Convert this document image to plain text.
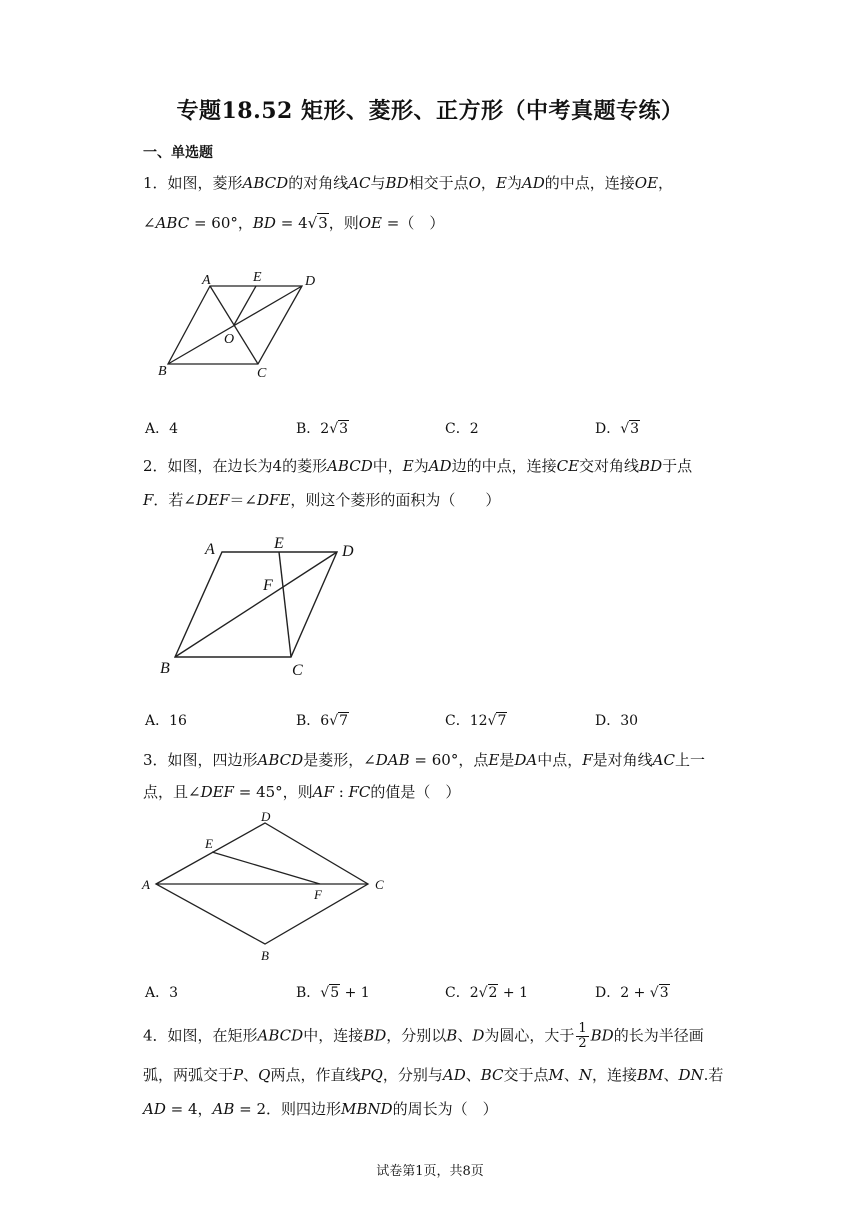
专题18.52 矩形、菱形、正方形（中考真题专练）
一、单选题
1．如图，菱形ABCD的对角线AC与BD相交于点O，E为AD的中点，连接OE，
∠ABC = 60°，BD = 4√3，则OE =（　）
A	E	D
O
B	C
A．4	B．2√3	C．2	D．√3
2．如图，在边长为4的菱形ABCD中，E为AD边的中点，连接CE交对角线BD于点
F．若∠DEF＝∠DFE，则这个菱形的面积为（　　）
A	E	D
F
B	C
A．16	B．6√7	C．12√7	D．30
3．如图，四边形ABCD是菱形，∠DAB = 60°，点E是DA中点，F是对角线AC上一
点，且∠DEF = 45°，则AF : FC的值是（　）
D
E
A
F
C
B
A．3	B．√5 + 1	C．2√2 + 1	D．2 + √3
4．如图，在矩形ABCD中，连接BD，分别以B、D为圆心，大于 $\frac{1}{2}$ BD的长为半径画
弧，两弧交于P、Q两点，作直线PQ，分别与AD、BC交于点M、N，连接BM、DN.若
AD = 4，AB = 2．则四边形MBND的周长为（　）
试卷第1页，共8页
